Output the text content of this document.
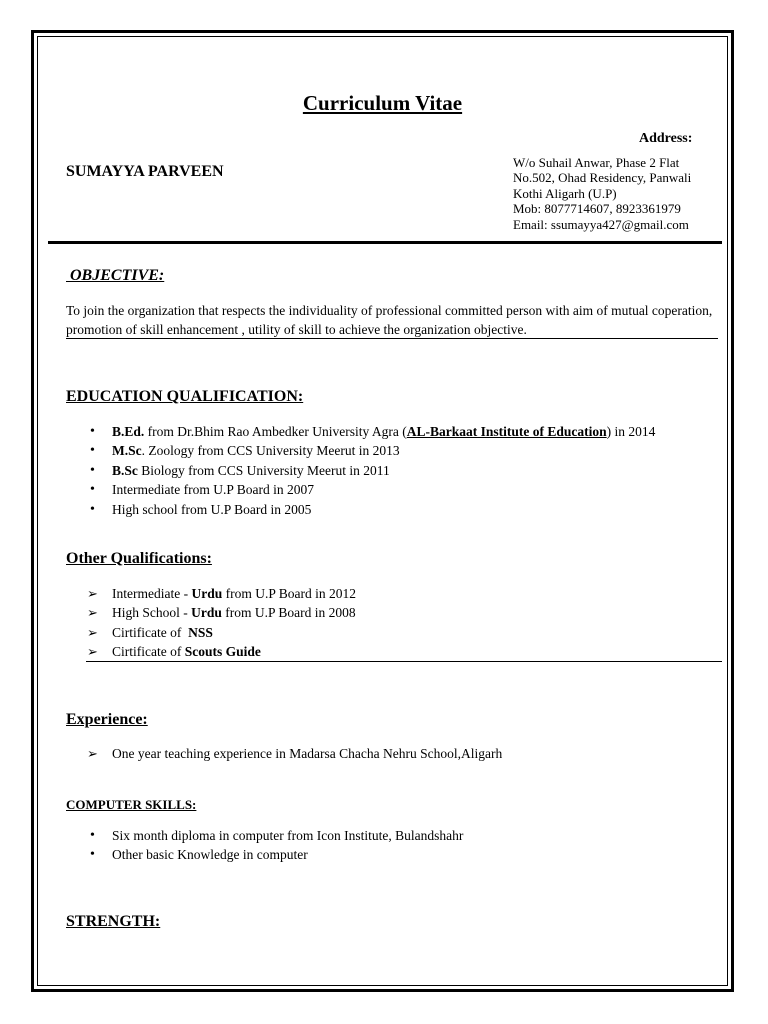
Curriculum Vitae
Address:
SUMAYYA PARVEEN
W/o Suhail Anwar, Phase 2 Flat
No.502, Ohad Residency, Panwali
Kothi Aligarh (U.P)
Mob: 8077714607, 8923361979
Email: ssumayya427@gmail.com
OBJECTIVE:
To join the organization that respects the individuality of professional committed person with aim of mutual coperation, promotion of skill enhancement , utility of skill to achieve the organization objective.
EDUCATION QUALIFICATION:
• B.Ed. from Dr.Bhim Rao Ambedker University Agra (AL-Barkaat Institute of Education) in 2014
• M.Sc. Zoology from CCS University Meerut in 2013
• B.Sc Biology from CCS University Meerut in 2011
• Intermediate from U.P Board in 2007
• High school from U.P Board in 2005
Other Qualifications:
➢ Intermediate - Urdu from U.P Board in 2012
➢ High School - Urdu from U.P Board in 2008
➢ Cirtificate of  NSS
➢ Cirtificate of Scouts Guide
Experience:
➢ One year teaching experience in Madarsa Chacha Nehru School,Aligarh
COMPUTER SKILLS:
• Six month diploma in computer from Icon Institute, Bulandshahr
• Other basic Knowledge in computer
STRENGTH:
